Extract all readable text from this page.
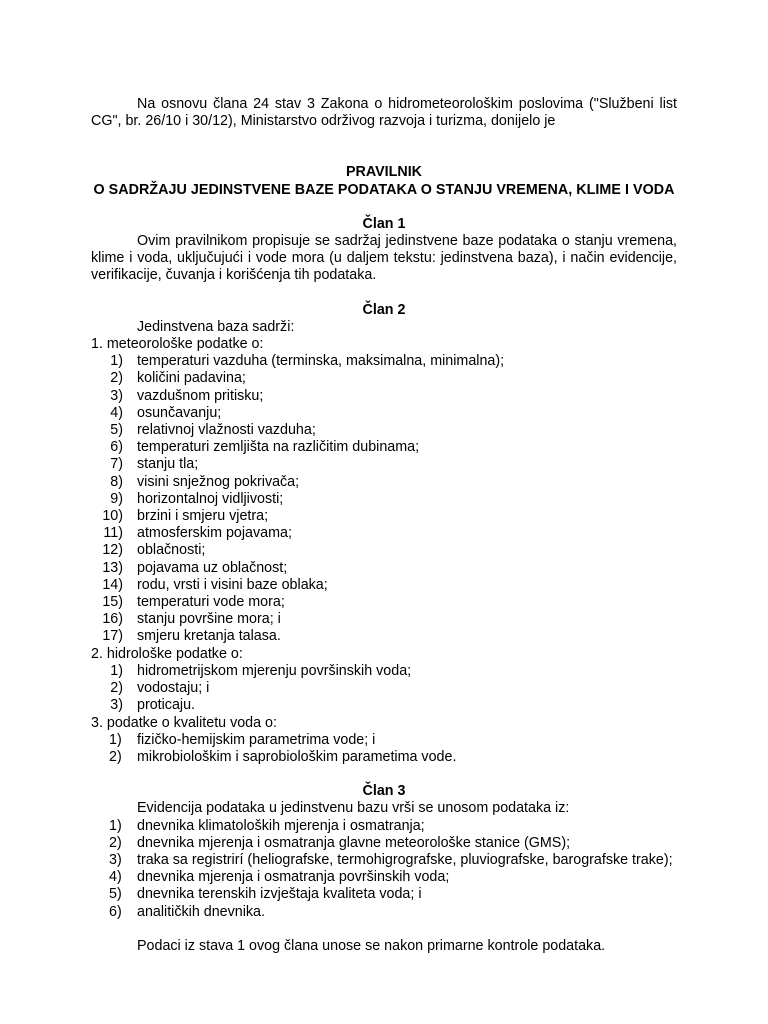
Na osnovu člana 24 stav 3 Zakona o hidrometeorološkim poslovima ("Službeni list CG", br. 26/10 i 30/12), Ministarstvo održivog razvoja i turizma, donijelo je
PRAVILNIK
O SADRŽAJU JEDINSTVENE BAZE PODATAKA O STANJU VREMENA, KLIME I VODA
Član 1
Ovim pravilnikom propisuje se sadržaj jedinstvene baze podataka o stanju vremena, klime i voda, uključujući i vode mora (u daljem tekstu: jedinstvena baza), i način evidencije, verifikacije, čuvanja i korišćenja tih podataka.
Član 2
Jedinstvena baza sadrži:
1. meteorološke podatke o:
1) temperaturi vazduha (terminska, maksimalna, minimalna);
2) količini padavina;
3) vazdušnom pritisku;
4) osunčavanju;
5) relativnoj vlažnosti vazduha;
6) temperaturi zemljišta na različitim dubinama;
7) stanju tla;
8) visini snježnog pokrivača;
9) horizontalnoj vidljivosti;
10) brzini i smjeru vjetra;
11) atmosferskim pojavama;
12) oblačnosti;
13) pojavama uz oblačnost;
14) rodu, vrsti i visini baze oblaka;
15) temperaturi vode mora;
16) stanju površine mora; i
17) smjeru kretanja talasa.
2. hidrološke podatke o:
1) hidrometrijskom mjerenju površinskih voda;
2) vodostaju; i
3) proticaju.
3. podatke o kvalitetu voda o:
1) fizičko-hemijskim parametrima vode; i
2) mikrobiološkim i saprobiološkim parametima vode.
Član 3
Evidencija podataka u jedinstvenu bazu vrši se unosom podataka iz:
1) dnevnika klimatoloških mjerenja i osmatranja;
2) dnevnika mjerenja i osmatranja glavne meteorološke stanice (GMS);
3) traka sa registrirí (heliografske, termohigrografske, pluviografske, barografske trake);
4) dnevnika mjerenja i osmatranja površinskih voda;
5) dnevnika terenskih izvještaja kvaliteta voda; i
6) analitičkih dnevnika.
Podaci iz stava 1 ovog člana unose se nakon primarne kontrole podataka.
